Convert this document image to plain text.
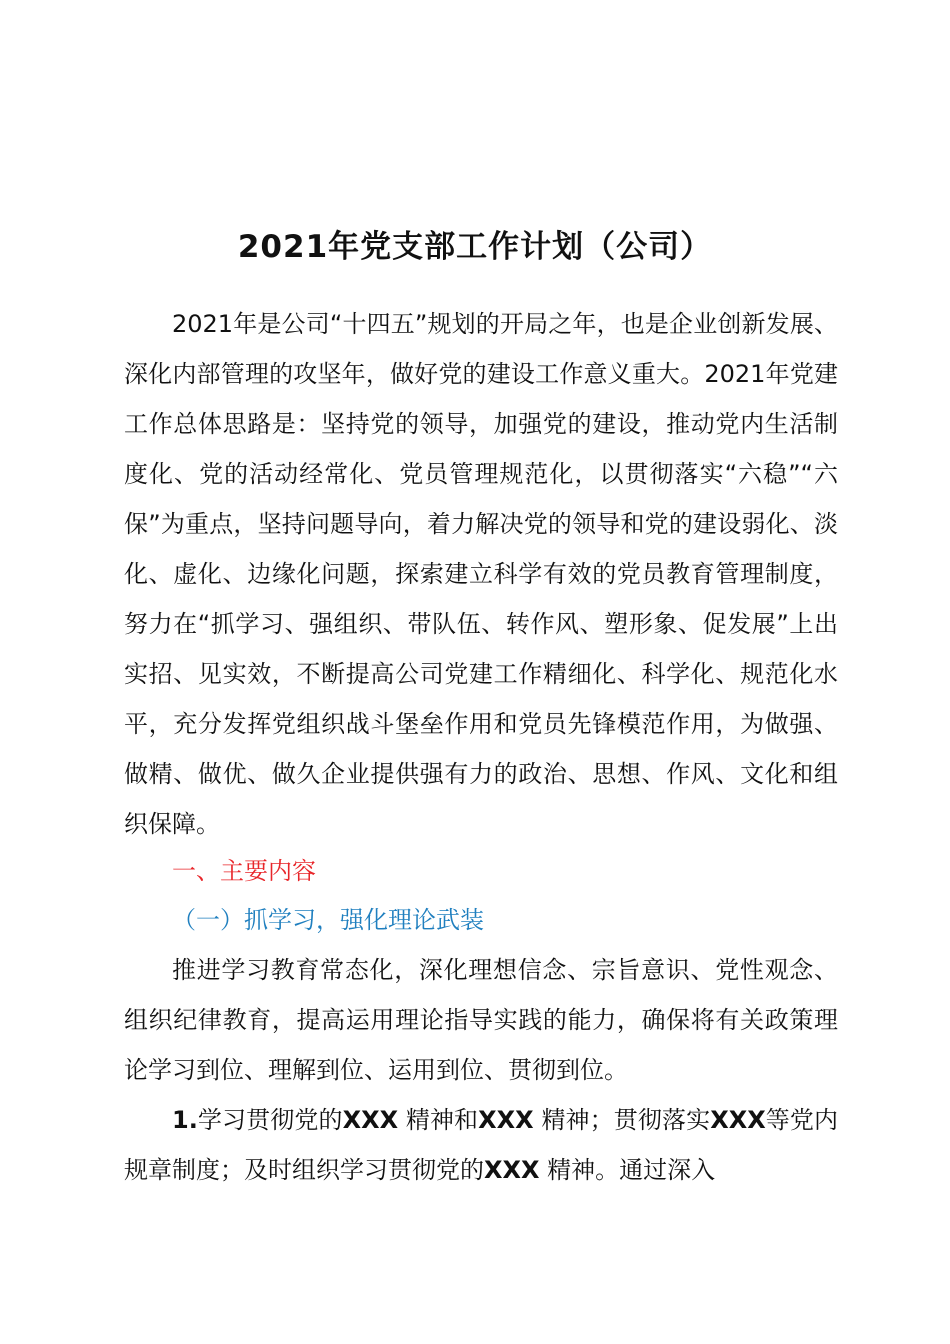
2021年党支部工作计划（公司）

2021年是公司“十四五”规划的开局之年，也是企业创新发展、深化内部管理的攻坚年，做好党的建设工作意义重大。2021年党建工作总体思路是：坚持党的领导，加强党的建设，推动党内生活制度化、党的活动经常化、党员管理规范化，以贯彻落实“六稳”“六保”为重点，坚持问题导向，着力解决党的领导和党的建设弱化、淡化、虚化、边缘化问题，探索建立科学有效的党员教育管理制度，努力在“抓学习、强组织、带队伍、转作风、塑形象、促发展”上出实招、见实效，不断提高公司党建工作精细化、科学化、规范化水平，充分发挥党组织战斗堡垒作用和党员先锋模范作用，为做强、做精、做优、做久企业提供强有力的政治、思想、作风、文化和组织保障。

一、主要内容

（一）抓学习，强化理论武装

推进学习教育常态化，深化理想信念、宗旨意识、党性观念、组织纪律教育，提高运用理论指导实践的能力，确保将有关政策理论学习到位、理解到位、运用到位、贯彻到位。

1.学习贯彻党的XXX 精神和XXX 精神；贯彻落实XXX等党内规章制度；及时组织学习贯彻党的XXX 精神。通过深入
